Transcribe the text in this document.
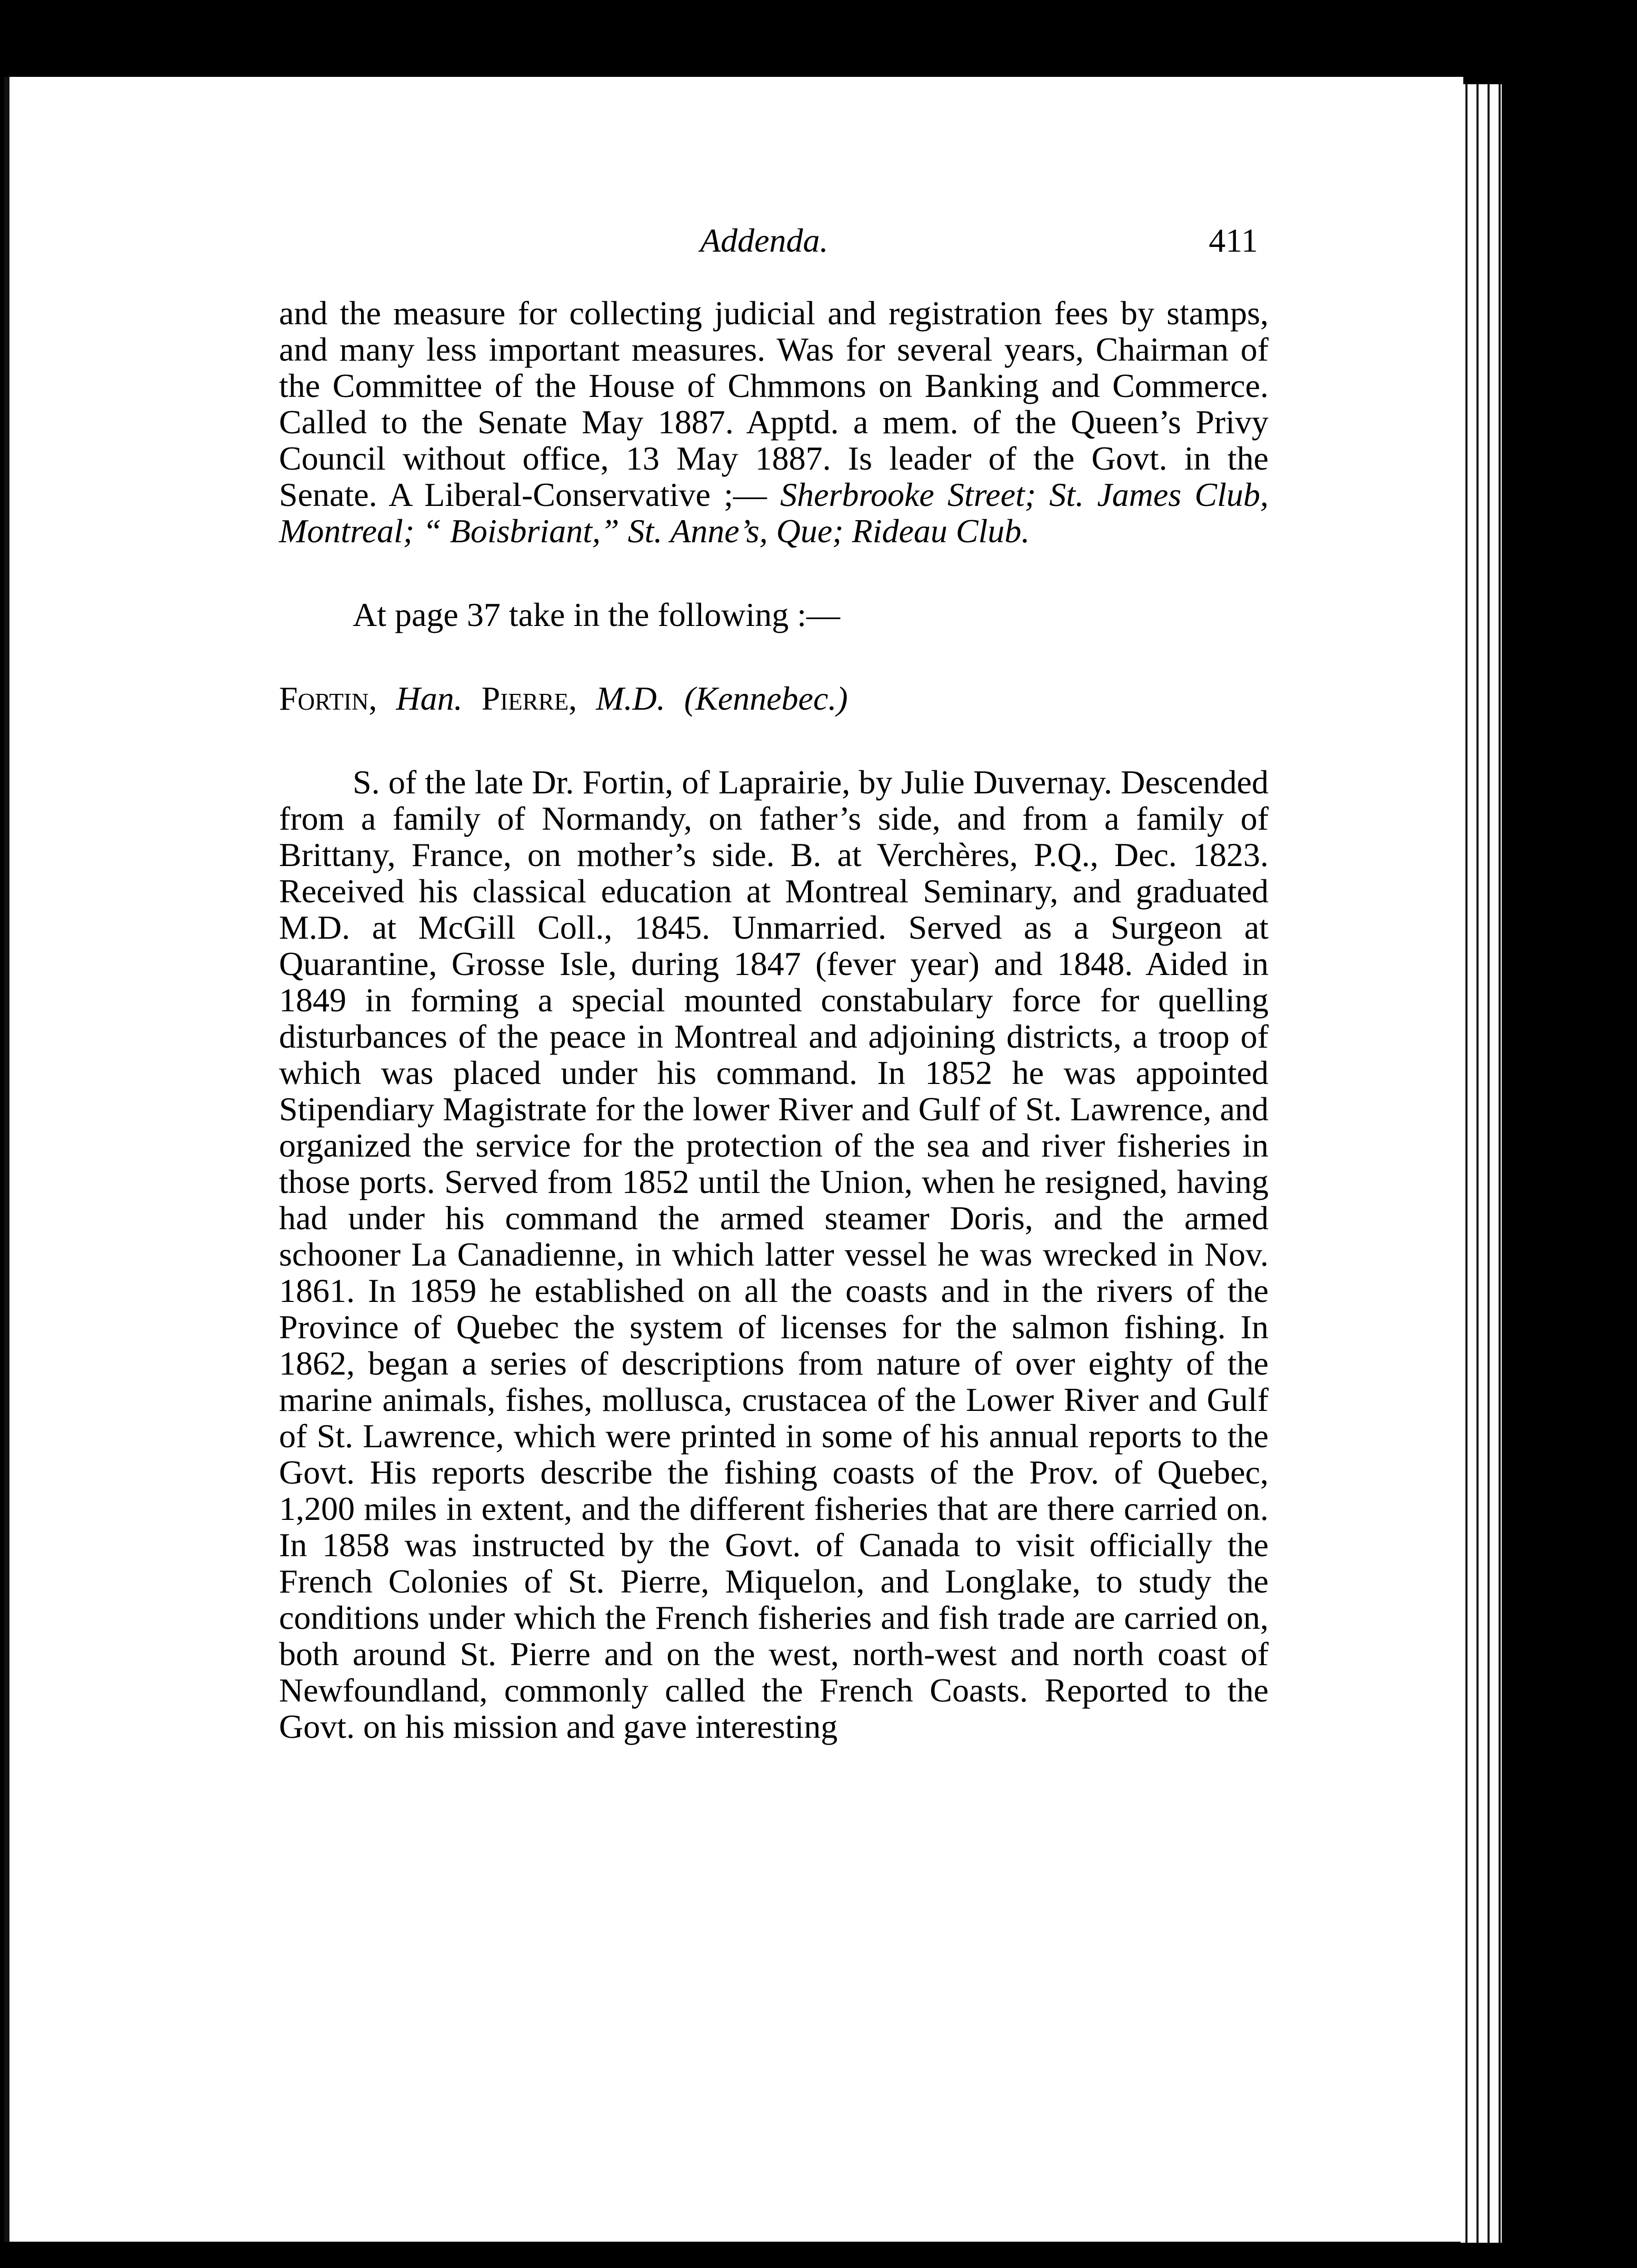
Addenda.	411

and the measure for collecting judicial and registration fees by stamps, and many less important measures. Was for several years, Chairman of the Committee of the House of Chmmons on Banking and Commerce. Called to the Senate May 1887. Apptd. a mem. of the Queen’s Privy Council without office, 13 May 1887. Is leader of the Govt. in the Senate. A Liberal-Conservative ;— Sherbrooke Street; St. James Club, Montreal; “ Boisbriant,” St. Anne’s, Que; Rideau Club.

At page 37 take in the following :—

Fortin, Han. Pierre, M.D. (Kennebec.)

S. of the late Dr. Fortin, of Laprairie, by Julie Duvernay. Descended from a family of Normandy, on father’s side, and from a family of Brittany, France, on mother’s side. B. at Verchères, P.Q., Dec. 1823. Received his classical education at Montreal Seminary, and graduated M.D. at McGill Coll., 1845. Unmarried. Served as a Surgeon at Quarantine, Grosse Isle, during 1847 (fever year) and 1848. Aided in 1849 in forming a special mounted constabulary force for quelling disturbances of the peace in Montreal and adjoining districts, a troop of which was placed under his command. In 1852 he was appointed Stipendiary Magistrate for the lower River and Gulf of St. Lawrence, and organized the service for the protection of the sea and river fisheries in those ports. Served from 1852 until the Union, when he resigned, having had under his command the armed steamer Doris, and the armed schooner La Canadienne, in which latter vessel he was wrecked in Nov. 1861. In 1859 he established on all the coasts and in the rivers of the Province of Quebec the system of licenses for the salmon fishing. In 1862, began a series of descriptions from nature of over eighty of the marine animals, fishes, mollusca, crustacea of the Lower River and Gulf of St. Lawrence, which were printed in some of his annual reports to the Govt. His reports describe the fishing coasts of the Prov. of Quebec, 1,200 miles in extent, and the different fisheries that are there carried on. In 1858 was instructed by the Govt. of Canada to visit officially the French Colonies of St. Pierre, Miquelon, and Longlake, to study the conditions under which the French fisheries and fish trade are carried on, both around St. Pierre and on the west, north-west and north coast of Newfoundland, commonly called the French Coasts. Reported to the Govt. on his mission and gave interesting
